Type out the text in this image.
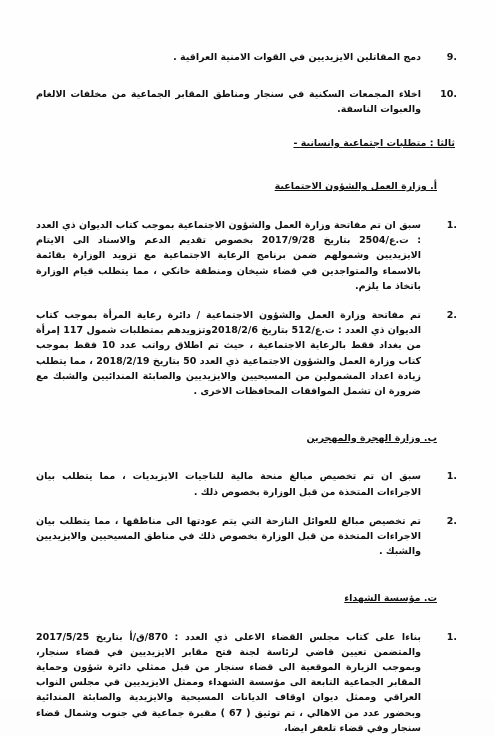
9.
دمج المقاتلين الايزيديين في القوات الامنية العراقية .

10.
اخلاء المجمعات السكنية في سنجار ومناطق المقابر الجماعية من مخلفات الالغام والعبوات الناسفة.

ثالثا : متطلبات اجتماعية وانسانية -

أ. وزارة العمل والشؤون الاجتماعية

1.
سبق ان تم مفاتحة وزارة العمل والشؤون الاجتماعية بموجب كتاب الديوان ذي العدد : ت.ع/2504 بتاريخ 2017/9/28 بخصوص تقديم الدعم والاسناد الى الايتام الايزيديين وشمولهم ضمن برنامج الرعاية الاجتماعية مع تزويد الوزارة بقائمة بالاسماء والمتواجدين في قضاء شيخان ومنطقة خانكي ، مما يتطلب قيام الوزارة باتخاذ ما يلزم.

2.
تم مفاتحة وزارة العمل والشؤون الاجتماعية / دائرة رعاية المرأة بموجب كتاب الديوان ذي العدد : ت.ع/512 بتاريخ 2018/2/6وتزويدهم بمتطلبات شمول 117 إمرأة من بغداد فقط بالرعاية الاجتماعية ، حيث تم اطلاق رواتب عدد 10 فقط بموجب كتاب وزارة العمل والشؤون الاجتماعية ذي العدد 50 بتاريخ 2018/2/19 ، مما يتطلب زيادة اعداد المشمولين من المسيحيين والايزيديين والصابئة المندائيين والشبك مع ضرورة ان تشمل الموافقات المحافظات الاخرى .

ب. وزارة الهجرة والمهجرين

1.
سبق ان تم تخصيص مبالغ منحة مالية للناجيات الايزيديات ، مما يتطلب بيان الاجراءات المتخذة من قبل الوزارة بخصوص ذلك .

2.
تم تخصيص مبالغ للعوائل النازحة التي يتم عودتها الى مناطقها ، مما يتطلب بيان الاجراءات المتخذة من قبل الوزارة بخصوص ذلك في مناطق المسيحيين والايزيديين والشبك .

ت. مؤسسة الشهداء

1.
بناءا على كتاب مجلس القضاء الاعلى ذي العدد : 870/ق/أ بتاريخ 2017/5/25 والمتضمن تعيين قاضي لرئاسة لجنة فتح مقابر الايزيديين في قضاء سنجار، وبموجب الزيارة الموقعية الى قضاء سنجار من قبل ممثلي دائرة شؤون وحماية المقابر الجماعية التابعة الى مؤسسة الشهداء وممثل الايزيديين في مجلس النواب العراقي وممثل ديوان اوقاف الديانات المسيحية والايزيدية والصابئة المندائية وبحضور عدد من الاهالي ، تم توثيق ( 67 ) مقبرة جماعية في جنوب وشمال قضاء سنجار وفي قضاء تلعفر ايضا،
